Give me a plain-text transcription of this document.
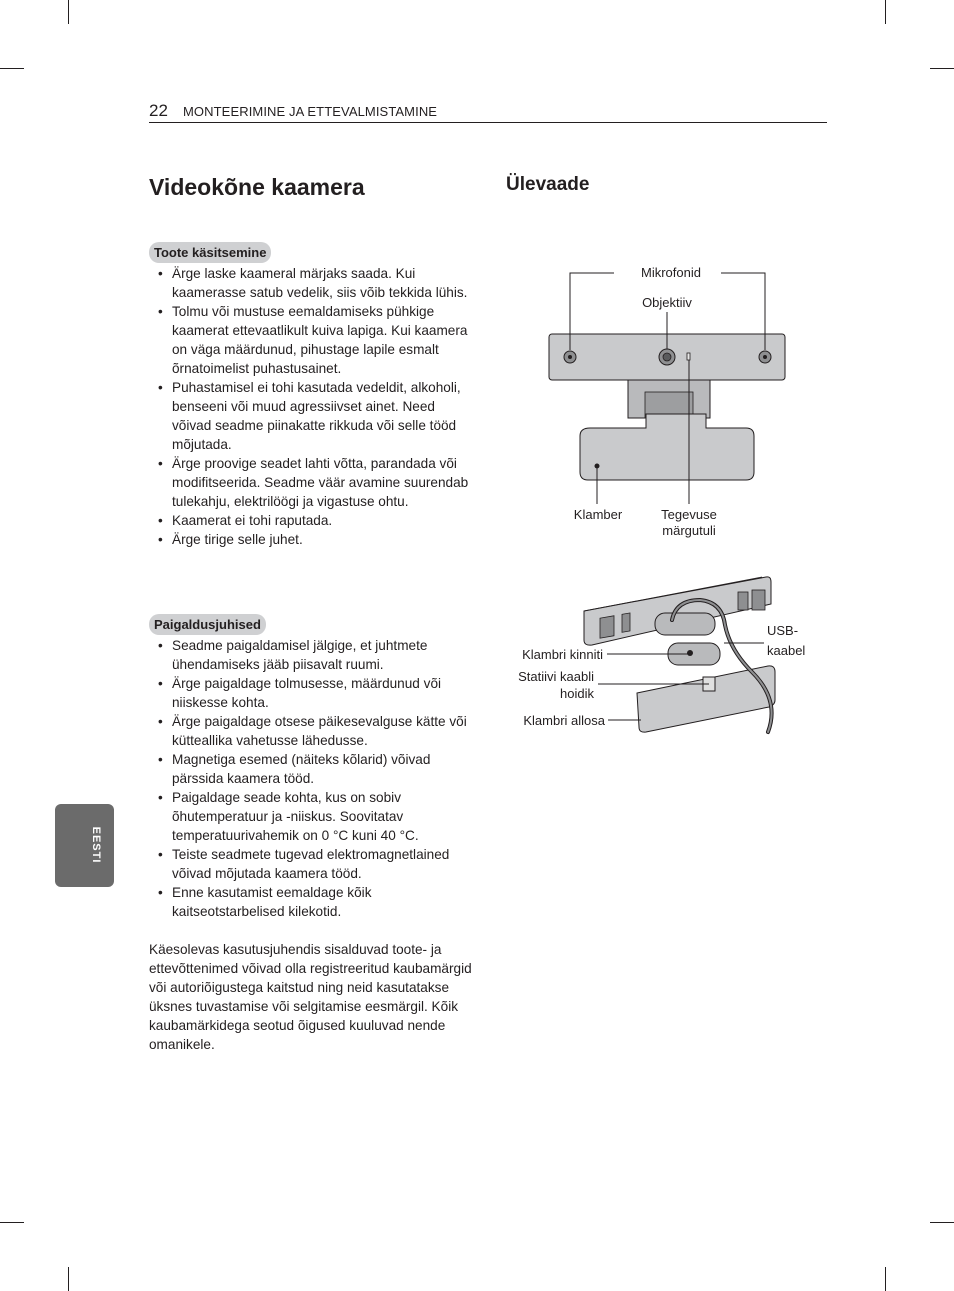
22 MONTEERIMINE JA ETTEVALMISTAMINE
Videokõne kaamera
Toote käsitsemine
• Ärge laske kaameral märjaks saada. Kui kaamerasse satub vedelik, siis võib tekkida lühis.
• Tolmu või mustuse eemaldamiseks pühkige kaamerat ettevaatlikult kuiva lapiga. Kui kaamera on väga määrdunud, pihustage lapile esmalt õrnatoimelist puhastusainet.
• Puhastamisel ei tohi kasutada vedeldit, alkoholi, benseeni või muud agressiivset ainet. Need võivad seadme piinakatte rikkuda või selle tööd mõjutada.
• Ärge proovige seadet lahti võtta, parandada või modifitseerida. Seadme väär avamine suurendab tulekahju, elektrilöögi ja vigastuse ohtu.
• Kaamerat ei tohi raputada.
• Ärge tirige selle juhet.
Paigaldusjuhised
• Seadme paigaldamisel jälgige, et juhtmete ühendamiseks jääb piisavalt ruumi.
• Ärge paigaldage tolmusesse, määrdunud või niiskesse kohta.
• Ärge paigaldage otsese päikesevalguse kätte või kütteallika vahetusse lähedusse.
• Magnetiga esemed (näiteks kõlarid) võivad pärssida kaamera tööd.
• Paigaldage seade kohta, kus on sobiv õhutemperatuur ja -niiskus. Soovitatav temperatuurivahemik on 0 °C kuni 40 °C.
• Teiste seadmete tugevad elektromagnetlained võivad mõjutada kaamera tööd.
• Enne kasutamist eemaldage kõik kaitseotstarbelised kilekotid.

Käesolevas kasutusjuhendis sisalduvad toote- ja ettevõttenimed võivad olla registreeritud kaubamärgid või autoriõigustega kaitstud ning neid kasutatakse üksnes tuvastamise või selgitamise eesmärgil. Kõik kaubamärkidega seotud õigused kuuluvad nende omanikele.

Ülevaade
Mikrofonid
Objektiiv
Klamber	Tegevuse
märgutuli
USB-
kaabel
Klambri kinniti
Statiivi kaabli
hoidik
Klambri allosa
EESTI
